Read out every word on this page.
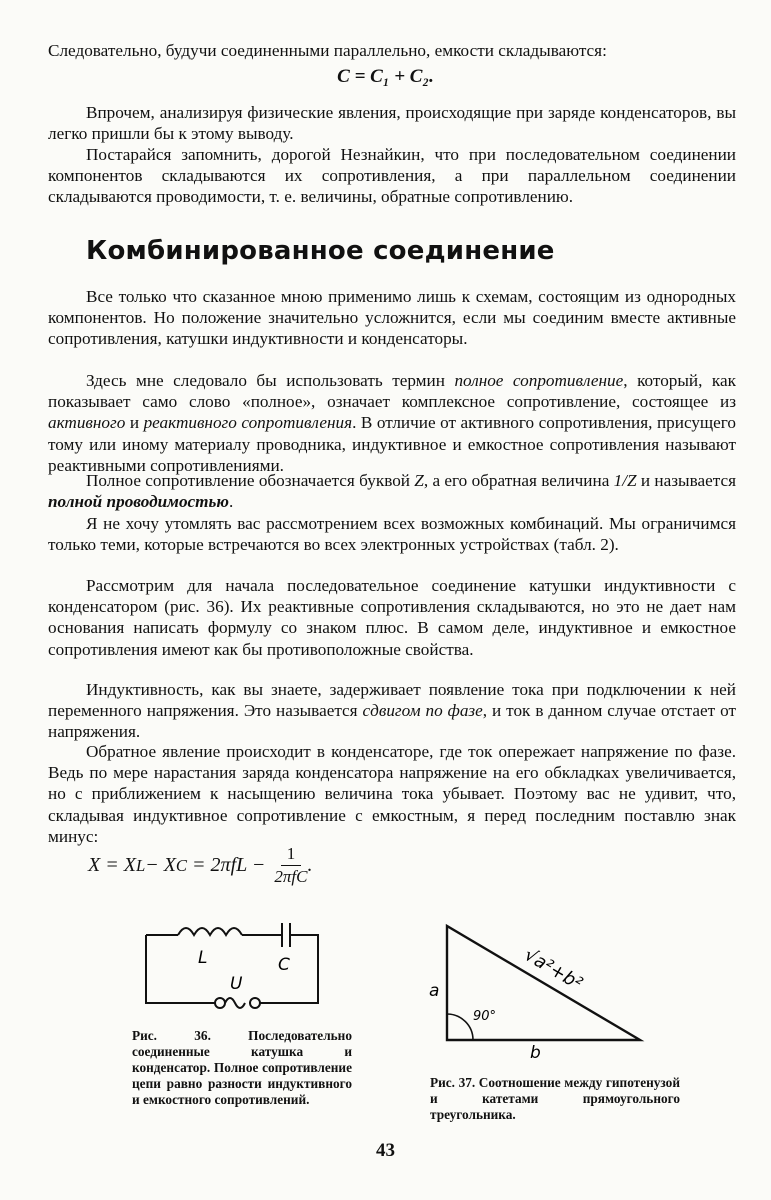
Следовательно, будучи соединенными параллельно, емкости складываются:

C = C₁ + C₂.

Впрочем, анализируя физические явления, происходящие при заряде конденсаторов, вы легко пришли бы к этому выводу.

Постарайся запомнить, дорогой Незнайкин, что при последовательном соединении компонентов складываются их сопротивления, а при параллельном соединении складываются проводимости, т. е. величины, обратные сопротивлению.

Комбинированное соединение

Все только что сказанное мною применимо лишь к схемам, состоящим из однородных компонентов. Но положение значительно усложнится, если мы соединим вместе активные сопротивления, катушки индуктивности и конденсаторы.

Здесь мне следовало бы использовать термин полное сопротивление, который, как показывает само слово «полное», означает комплексное сопротивление, состоящее из активного и реактивного сопротивления. В отличие от активного сопротивления, присущего тому или иному материалу проводника, индуктивное и емкостное сопротивления называют реактивными сопротивлениями.

Полное сопротивление обозначается буквой Z, а его обратная величина 1/Z и называется полной проводимостью.

Я не хочу утомлять вас рассмотрением всех возможных комбинаций. Мы ограничимся только теми, которые встречаются во всех электронных устройствах (табл. 2).

Рассмотрим для начала последовательное соединение катушки индуктивности с конденсатором (рис. 36). Их реактивные сопротивления складываются, но это не дает нам основания написать формулу со знаком плюс. В самом деле, индуктивное и емкостное сопротивления имеют как бы противоположные свойства.

Индуктивность, как вы знаете, задерживает появление тока при подключении к ней переменного напряжения. Это называется сдвигом по фазе, и ток в данном случае отстает от напряжения.

Обратное явление происходит в конденсаторе, где ток опережает напряжение по фазе. Ведь по мере нарастания заряда конденсатора напряжение на его обкладках увеличивается, но с приближением к насыщению величина тока убывает. Поэтому вас не удивит, что, складывая индуктивное сопротивление с емкостным, я перед последним поставлю знак минус:

X = X L − X $C = 2\pi fL - \frac{1}{\text{2πfC}}$ .
L	C
U

Рис. 36. Последовательно соединенные катушка и конденсатор. Полное сопротивление цепи равно разности индуктивного и емкостного сопротивлений.

a
b
90°
√a²+b²

Рис. 37. Соотношение между гипотенузой и катетами прямоугольного треугольника.

43
